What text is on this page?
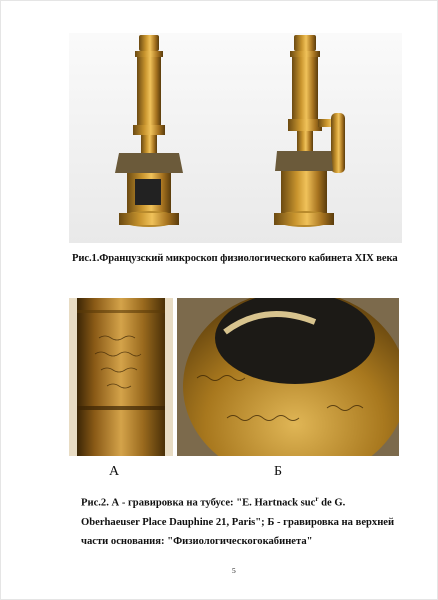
Рис.1.Французский микроскоп физиологического кабинета XIX века
А	Б
Рис.2. А - гравировка на тубусе: "E. Hartnack suc$^r$ de G.
Oberhaeuser Place Dauphine 21, Paris"; Б - гравировка на верхней
части основания: "Физиологическогокабинета"
5
